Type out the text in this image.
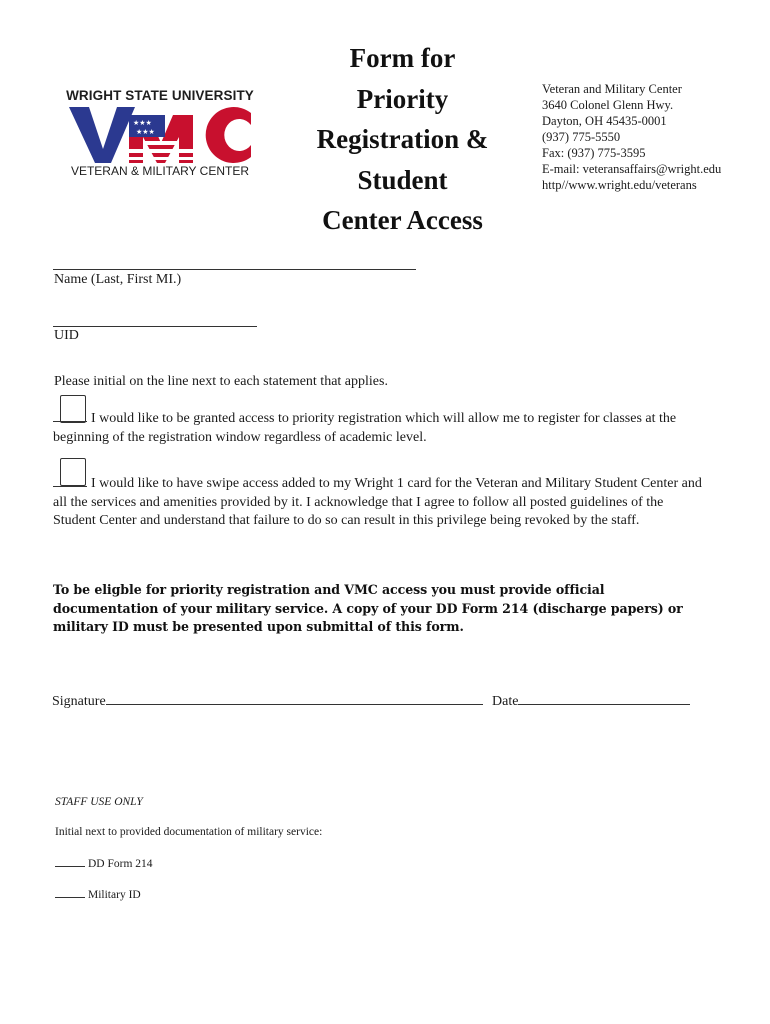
WRIGHT STATE UNIVERSITY
★★★
★★★
VETERAN & MILITARY CENTER
Form for
Priority
Registration &
Student
Center Access
Veteran and Military Center
3640 Colonel Glenn Hwy.
Dayton, OH 45435-0001
(937) 775-5550
Fax: (937) 775-3595
E-mail: veteransaffairs@wright.edu
http//www.wright.edu/veterans
Name (Last, First MI.)
UID
Please initial on the line next to each statement that applies.
I would like to be granted access to priority registration which will allow me to register for classes at the beginning of the registration window regardless of academic level.
I would like to have swipe access added to my Wright 1 card for the Veteran and Military Student Center and all the services and amenities provided by it. I acknowledge that I agree to follow all posted guidelines of the Student Center and understand that failure to do so can result in this privilege being revoked by the staff.
To be eligble for priority registration and VMC access you must provide official documentation of your military service. A copy of your DD Form 214 (discharge papers) or military ID must be presented upon submittal of this form.
Signature	Date
STAFF USE ONLY
Initial next to provided documentation of military service:
DD Form 214
Military ID
